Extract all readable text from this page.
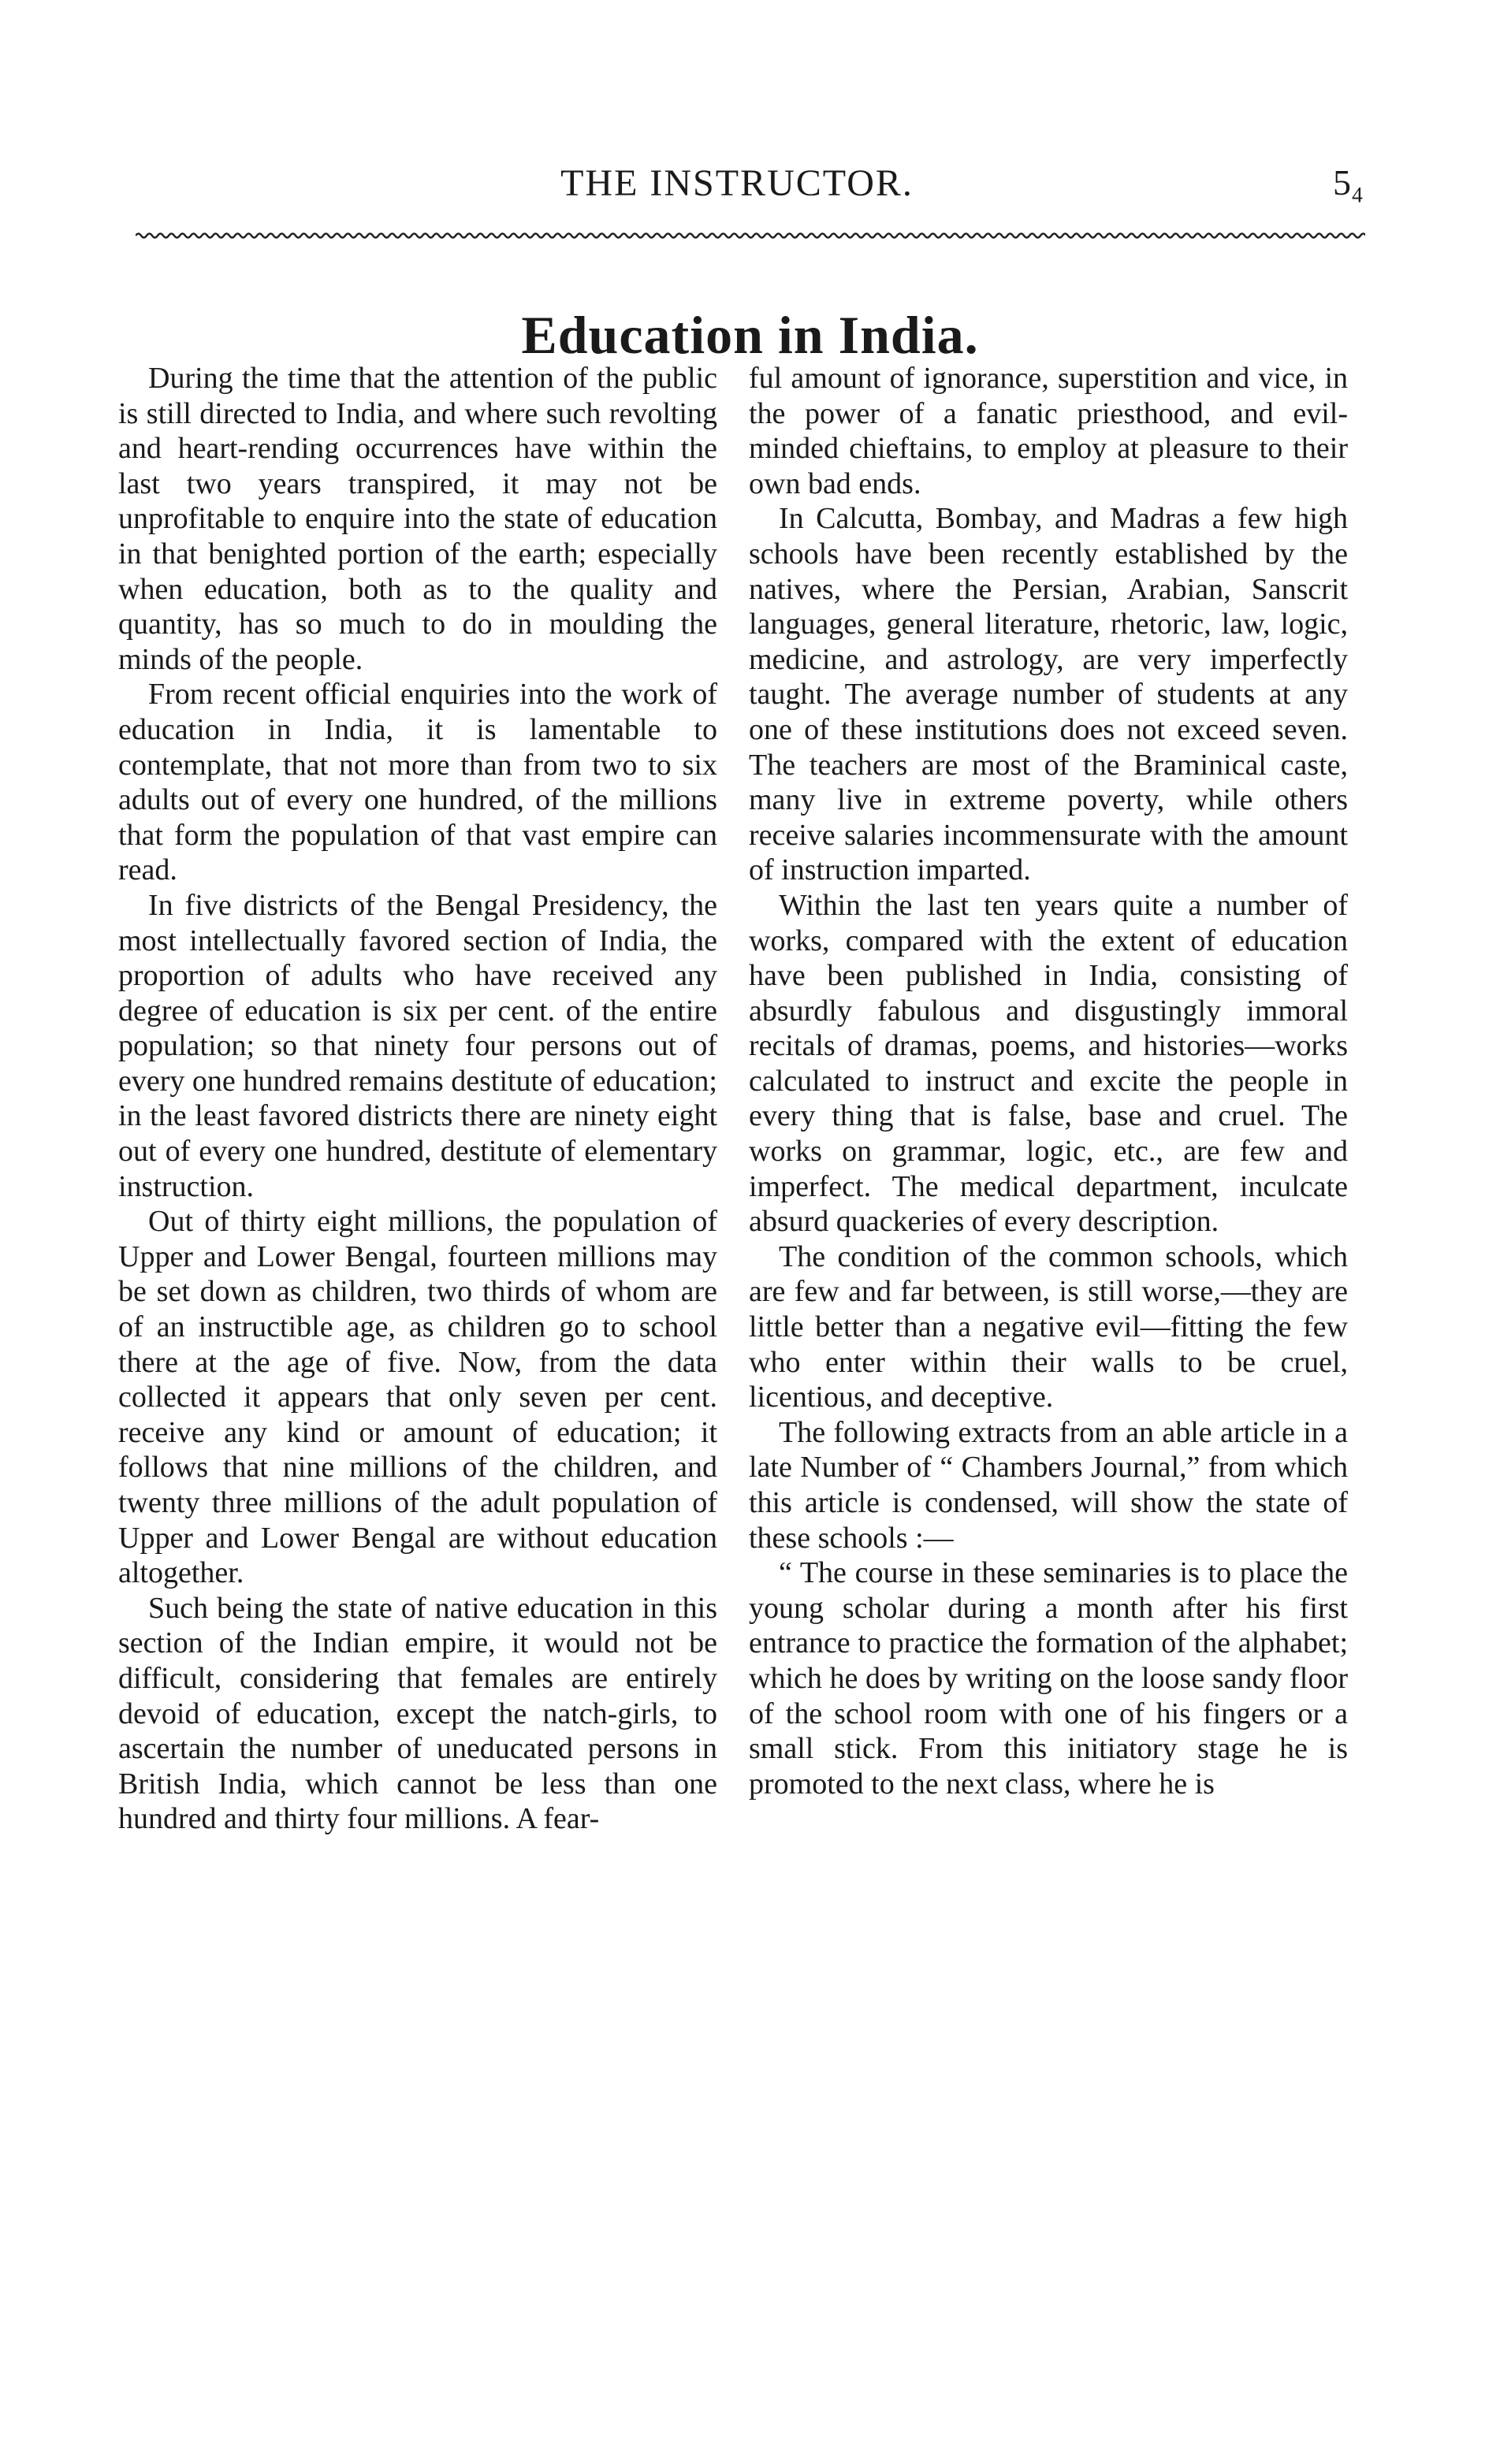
THE INSTRUCTOR.	5₄
Education in India.

During the time that the attention of the public is still directed to India, and where such revolting and heart-rending occurrences have within the last two years transpired, it may not be unprofitable to enquire into the state of education in that benighted portion of the earth; especially when education, both as to the quality and quantity, has so much to do in moulding the minds of the people.

From recent official enquiries into the work of education in India, it is lamentable to contemplate, that not more than from two to six adults out of every one hundred, of the millions that form the population of that vast empire can read.

In five districts of the Bengal Presidency, the most intellectually favored section of India, the proportion of adults who have received any degree of education is six per cent. of the entire population; so that ninety four persons out of every one hundred remains destitute of education; in the least favored districts there are ninety eight out of every one hundred, destitute of elementary instruction.

Out of thirty eight millions, the population of Upper and Lower Bengal, fourteen millions may be set down as children, two thirds of whom are of an instructible age, as children go to school there at the age of five. Now, from the data collected it appears that only seven per cent. receive any kind or amount of education; it follows that nine millions of the children, and twenty three millions of the adult population of Upper and Lower Bengal are without education altogether.

Such being the state of native education in this section of the Indian empire, it would not be difficult, considering that females are entirely devoid of education, except the natch-girls, to ascertain the number of uneducated persons in British India, which cannot be less than one hundred and thirty four millions. A fear-

ful amount of ignorance, superstition and vice, in the power of a fanatic priesthood, and evil-minded chieftains, to employ at pleasure to their own bad ends.

In Calcutta, Bombay, and Madras a few high schools have been recently established by the natives, where the Persian, Arabian, Sanscrit languages, general literature, rhetoric, law, logic, medicine, and astrology, are very imperfectly taught. The average number of students at any one of these institutions does not exceed seven. The teachers are most of the Braminical caste, many live in extreme poverty, while others receive salaries incommensurate with the amount of instruction imparted.

Within the last ten years quite a number of works, compared with the extent of education have been published in India, consisting of absurdly fabulous and disgustingly immoral recitals of dramas, poems, and histories—works calculated to instruct and excite the people in every thing that is false, base and cruel. The works on grammar, logic, etc., are few and imperfect. The medical department, inculcate absurd quackeries of every description.

The condition of the common schools, which are few and far between, is still worse,—they are little better than a negative evil—fitting the few who enter within their walls to be cruel, licentious, and deceptive.

The following extracts from an able article in a late Number of “ Chambers Journal,” from which this article is condensed, will show the state of these schools :—

“ The course in these seminaries is to place the young scholar during a month after his first entrance to practice the formation of the alphabet; which he does by writing on the loose sandy floor of the school room with one of his fingers or a small stick. From this initiatory stage he is promoted to the next class, where he is
